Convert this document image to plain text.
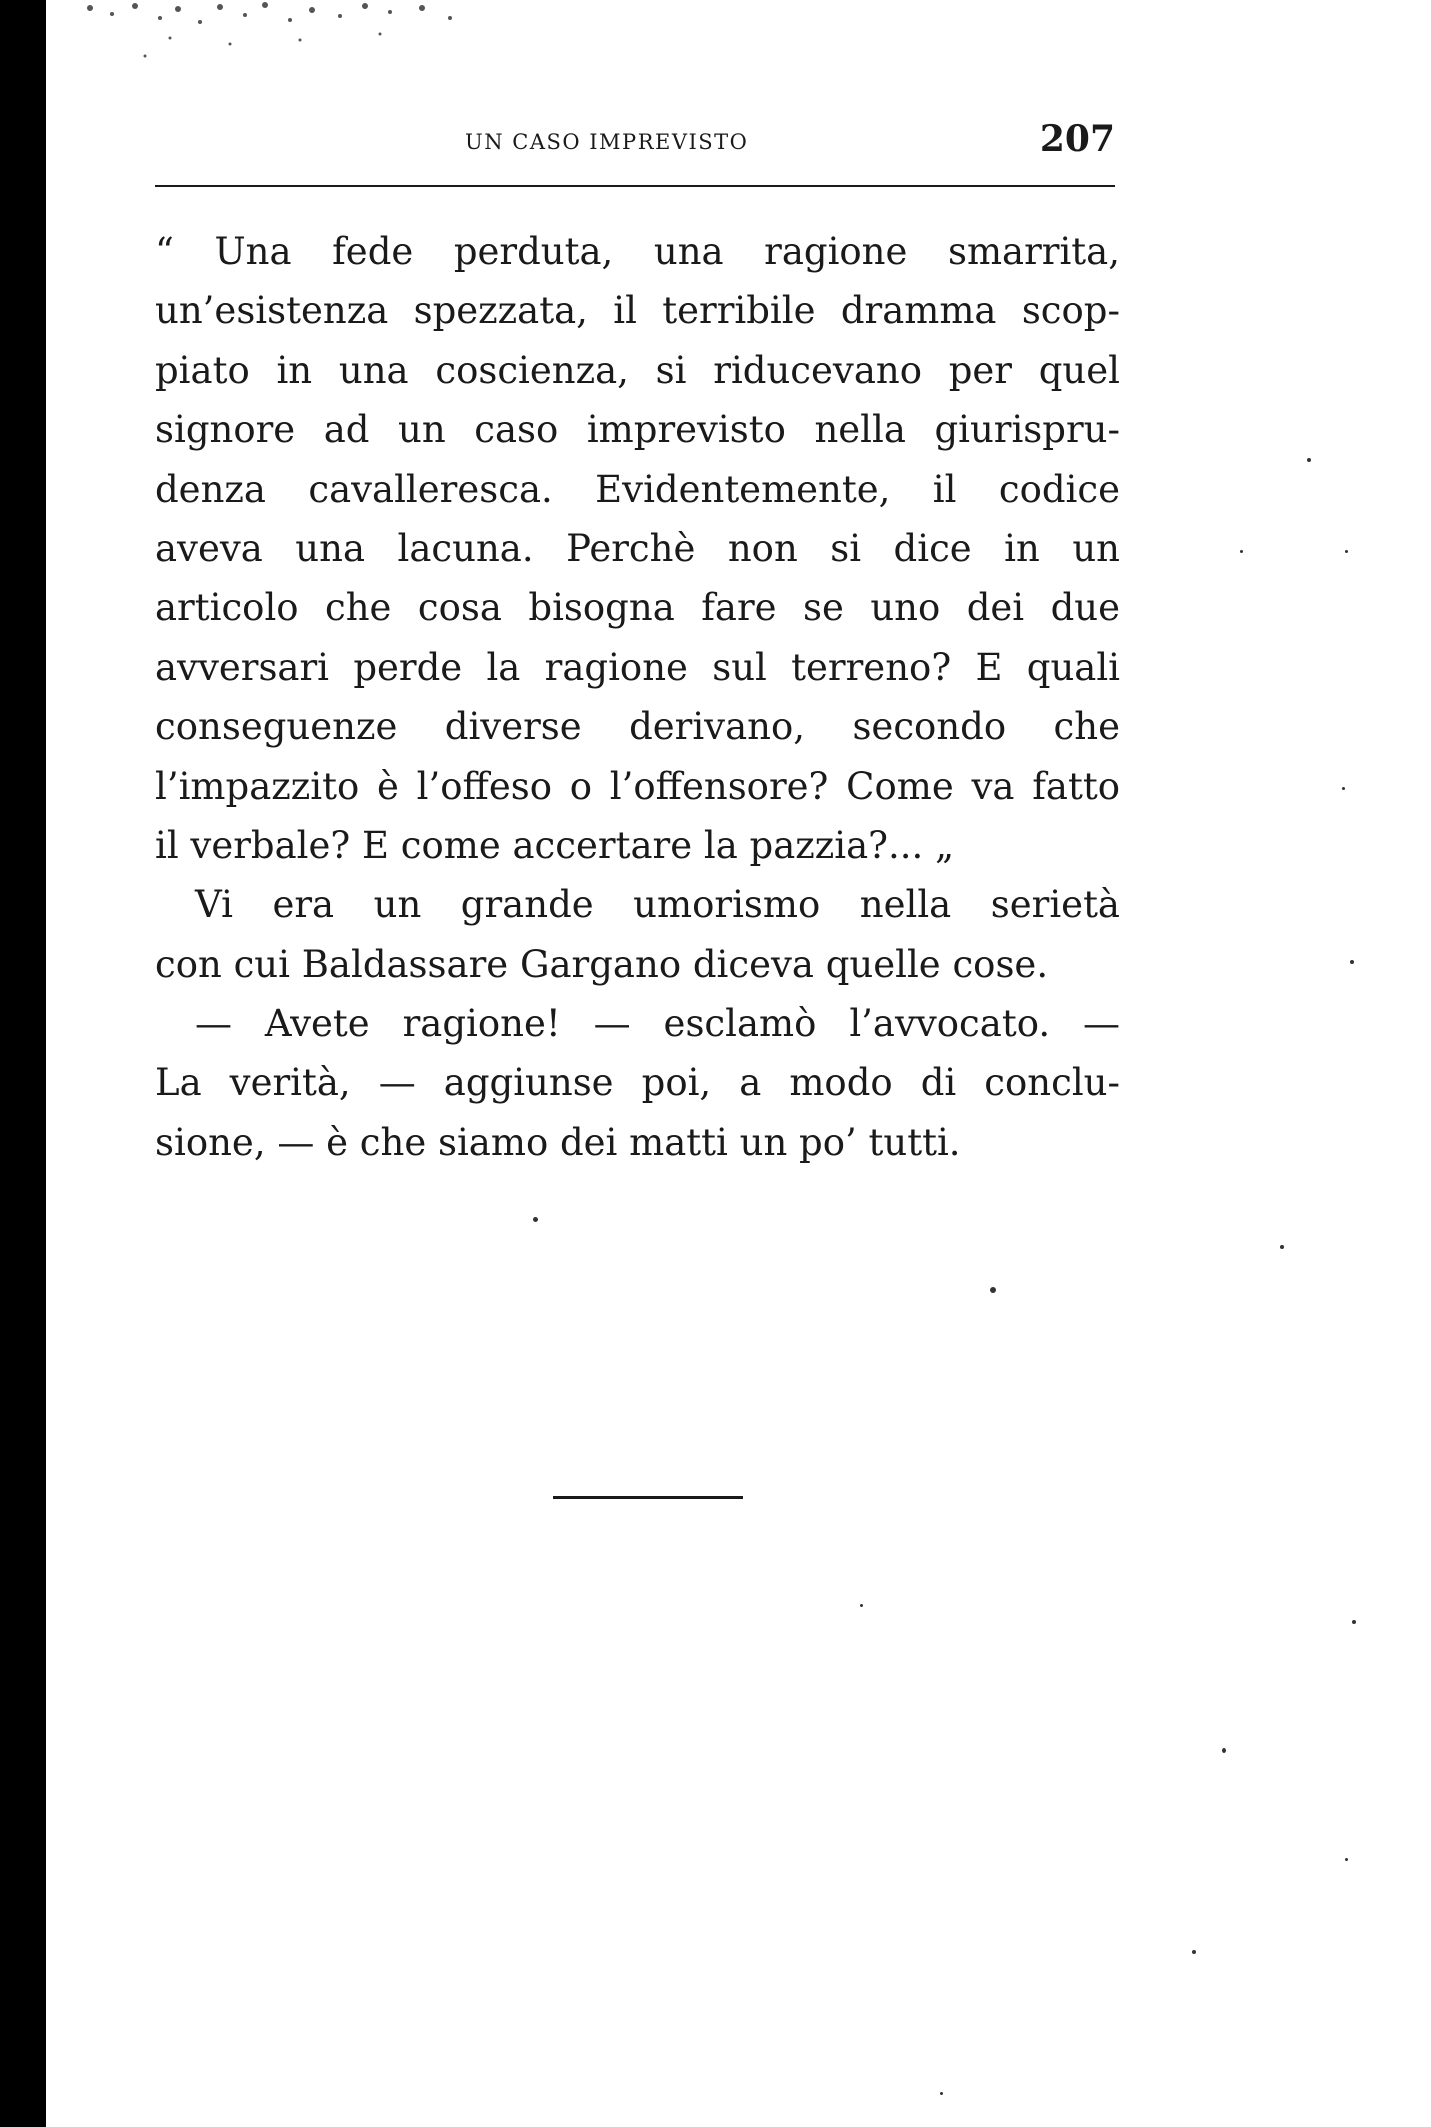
UN CASO IMPREVISTO	207
“ Una fede perduta, una ragione smarrita,
un’esistenza spezzata, il terribile dramma scop-
piato in una coscienza, si riducevano per quel
signore ad un caso imprevisto nella giurispru-
denza cavalleresca. Evidentemente, il codice
aveva una lacuna. Perchè non si dice in un
articolo che cosa bisogna fare se uno dei due
avversari perde la ragione sul terreno? E quali
conseguenze diverse derivano, secondo che
l’impazzito è l’offeso o l’offensore? Come va fatto
il verbale? E come accertare la pazzia?... „
Vi era un grande umorismo nella serietà
con cui Baldassare Gargano diceva quelle cose.
— Avete ragione! — esclamò l’avvocato. —
La verità, — aggiunse poi, a modo di conclu-
sione, — è che siamo dei matti un po’ tutti.
